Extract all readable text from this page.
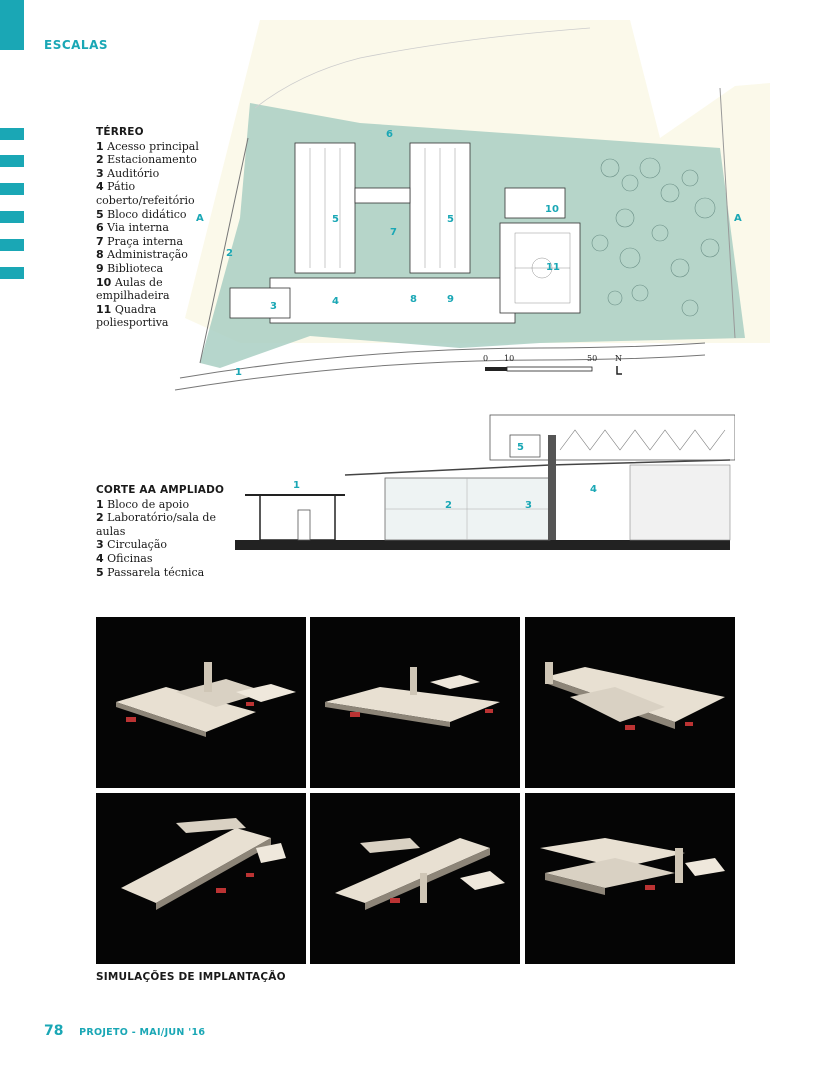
ESCALAS
1
2
3	4
5	5
6
7
8	9
10
11
A	A
0 10	50 N
TÉRREO
1 Acesso principal
2 Estacionamento
3 Auditório
4 Pátio coberto/refeitório
5 Bloco didático
6 Via interna
7 Praça interna
8 Administração
9 Biblioteca
10 Aulas de empilhadeira
11 Quadra poliesportiva
1
2	3
4
5
CORTE AA AMPLIADO
1 Bloco de apoio
2 Laboratório/sala de aulas
3 Circulação
4 Oficinas
5 Passarela técnica
SIMULAÇÕES DE IMPLANTAÇÃO
78 PROJETO - MAI/JUN '16
